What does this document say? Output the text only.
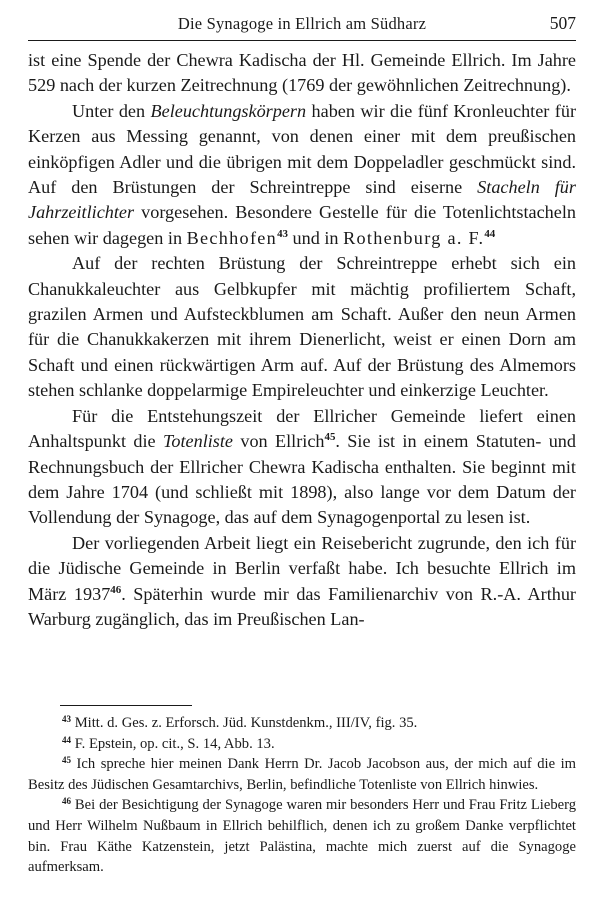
Die Synagoge in Ellrich am Südharz	507

ist eine Spende der Chewra Kadischa der Hl. Gemeinde Ellrich. Im Jahre 529 nach der kurzen Zeitrechnung (1769 der gewöhnlichen Zeitrechnung).

Unter den Beleuchtungskörpern haben wir die fünf Kronleuchter für Kerzen aus Messing genannt, von denen einer mit dem preußischen einköpfigen Adler und die übrigen mit dem Doppeladler geschmückt sind. Auf den Brüstungen der Schreintreppe sind eiserne Stacheln für Jahrzeitlichter vorgesehen. Besondere Gestelle für die Totenlichtstacheln sehen wir dagegen in Bechhofen$^{43}$ und in Rothenburg a. F.$^{44}$

Auf der rechten Brüstung der Schreintreppe erhebt sich ein Chanukkaleuchter aus Gelbkupfer mit mächtig profiliertem Schaft, grazilen Armen und Aufsteckblumen am Schaft. Außer den neun Armen für die Chanukkakerzen mit ihrem Dienerlicht, weist er einen Dorn am Schaft und einen rückwärtigen Arm auf. Auf der Brüstung des Almemors stehen schlanke doppelarmige Empireleuchter und einkerzige Leuchter.

Für die Entstehungszeit der Ellricher Gemeinde liefert einen Anhaltspunkt die Totenliste von Ellrich$^{45}$. Sie ist in einem Statuten- und Rechnungsbuch der Ellricher Chewra Kadischa enthalten. Sie beginnt mit dem Jahre 1704 (und schließt mit 1898), also lange vor dem Datum der Vollendung der Synagoge, das auf dem Synagogenportal zu lesen ist.

Der vorliegenden Arbeit liegt ein Reisebericht zugrunde, den ich für die Jüdische Gemeinde in Berlin verfaßt habe. Ich besuchte Ellrich im März 1937$^{46}$. Späterhin wurde mir das Familienarchiv von R.-A. Arthur Warburg zugänglich, das im Preußischen Lan-

$^{43}$ Mitt. d. Ges. z. Erforsch. Jüd. Kunstdenkm., III/IV, fig. 35.

$^{44}$ F. Epstein, op. cit., S. 14, Abb. 13.

$^{45}$ Ich spreche hier meinen Dank Herrn Dr. Jacob Jacobson aus, der mich auf die im Besitz des Jüdischen Gesamtarchivs, Berlin, befindliche Totenliste von Ellrich hinwies.

$^{46}$ Bei der Besichtigung der Synagoge waren mir besonders Herr und Frau Fritz Lieberg und Herr Wilhelm Nußbaum in Ellrich behilflich, denen ich zu großem Danke verpflichtet bin. Frau Käthe Katzenstein, jetzt Palästina, machte mich zuerst auf die Synagoge aufmerksam.
